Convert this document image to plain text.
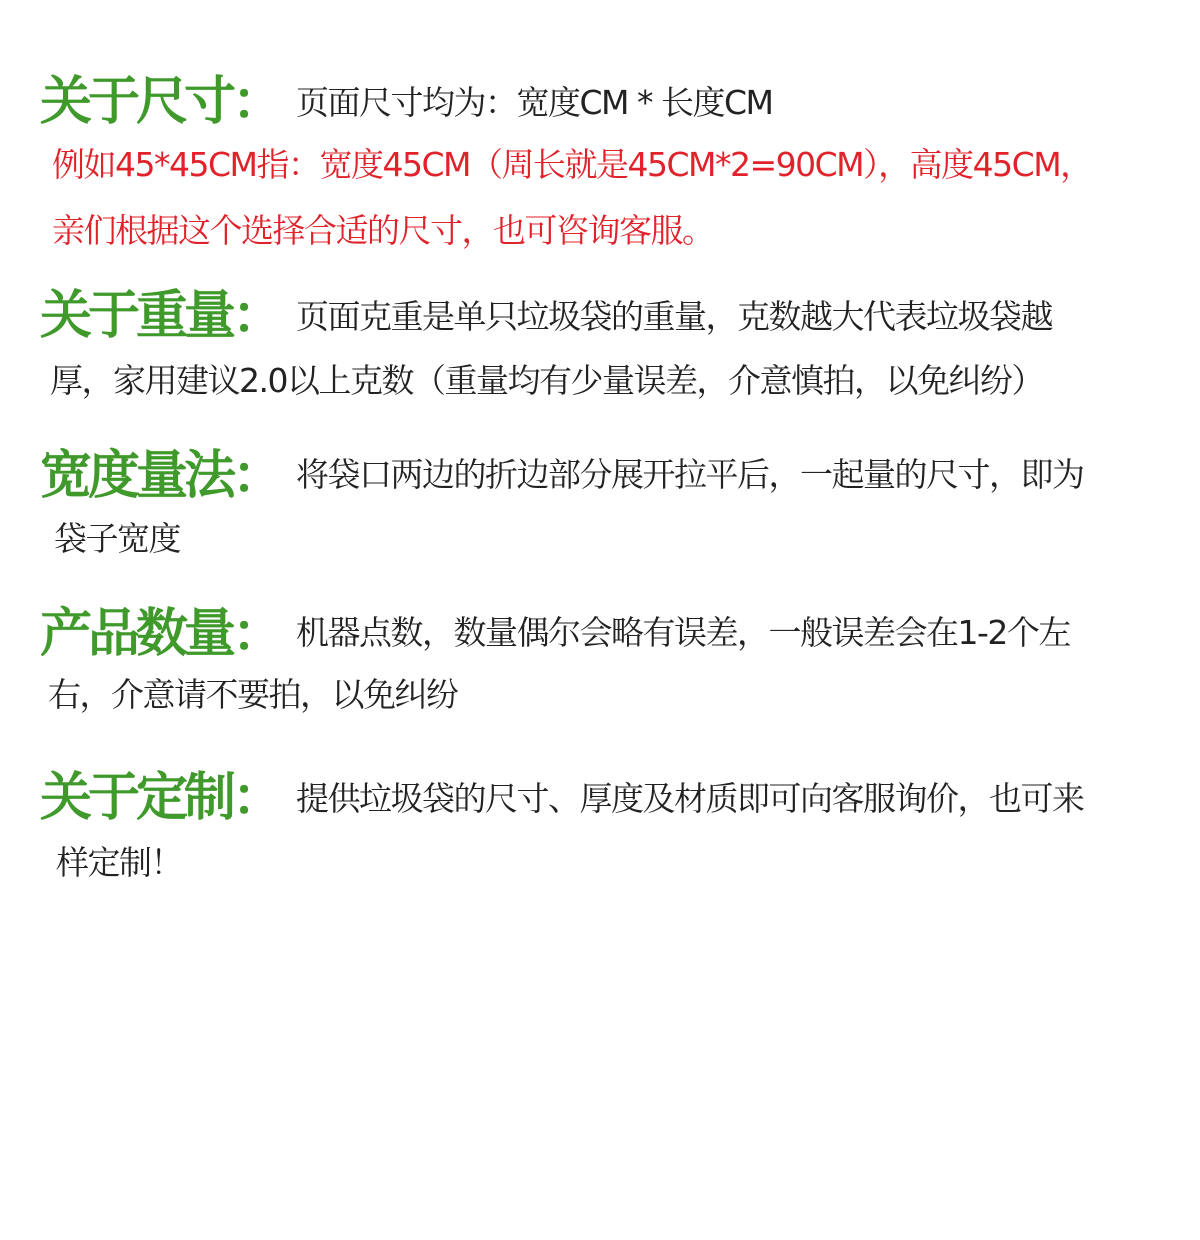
关于尺寸： 页面尺寸均为：宽度CM * 长度CM
例如45*45CM指：宽度45CM（周长就是45CM*2=90CM），高度45CM，
亲们根据这个选择合适的尺寸，也可咨询客服。
关于重量： 页面克重是单只垃圾袋的重量，克数越大代表垃圾袋越
厚，家用建议2.0以上克数（重量均有少量误差，介意慎拍，以免纠纷）
宽度量法： 将袋口两边的折边部分展开拉平后，一起量的尺寸，即为
袋子宽度
产品数量： 机器点数，数量偶尔会略有误差，一般误差会在1-2个左
右，介意请不要拍，以免纠纷
关于定制： 提供垃圾袋的尺寸、厚度及材质即可向客服询价，也可来
样定制！
